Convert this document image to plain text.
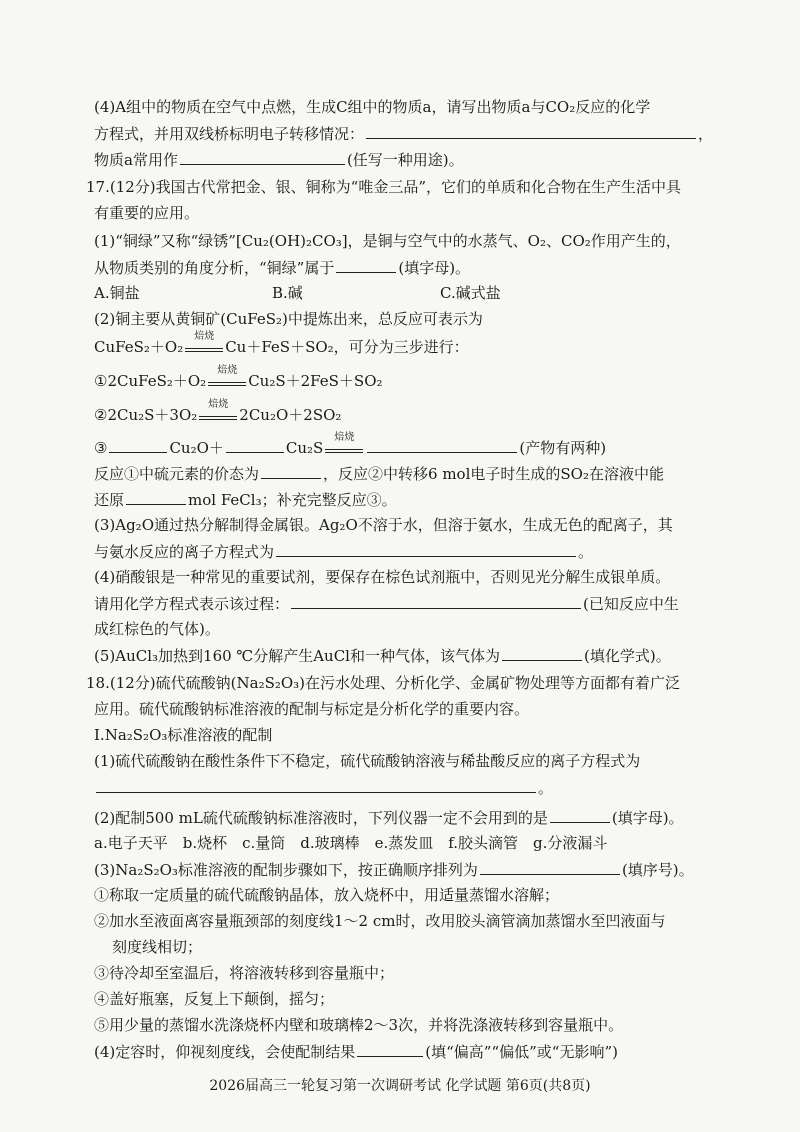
(4)A组中的物质在空气中点燃，生成C组中的物质a，请写出物质a与CO₂反应的化学
方程式，并用双线桥标明电子转移情况：	，
物质a常用作	(任写一种用途)。
17.(12分)我国古代常把金、银、铜称为“唯金三品”，它们的单质和化合物在生产生活中具
有重要的应用。
(1)“铜绿”又称“绿锈”[Cu₂(OH)₂CO₃]，是铜与空气中的水蒸气、O₂、CO₂作用产生的，
从物质类别的角度分析，“铜绿”属于	(填字母)。
A.铜盐	B.碱	C.碱式盐
(2)铜主要从黄铜矿(CuFeS₂)中提炼出来，总反应可表示为
CuFeS₂＋O₂
焙烧
Cu＋FeS＋SO₂，可分为三步进行：
①2CuFeS₂＋O₂
焙烧
Cu₂S＋2FeS＋SO₂
②2Cu₂S＋3O₂
焙烧
2Cu₂O＋2SO₂
③	Cu₂O＋	Cu₂S
焙烧
(产物有两种)
反应①中硫元素的价态为	，反应②中转移6 mol电子时生成的SO₂在溶液中能
还原	mol FeCl₃；补充完整反应③。
(3)Ag₂O通过热分解制得金属银。Ag₂O不溶于水，但溶于氨水，生成无色的配离子，其
与氨水反应的离子方程式为	。
(4)硝酸银是一种常见的重要试剂，要保存在棕色试剂瓶中，否则见光分解生成银单质。
请用化学方程式表示该过程：	(已知反应中生
成红棕色的气体)。
(5)AuCl₃加热到160 ℃分解产生AuCl和一种气体，该气体为	(填化学式)。
18.(12分)硫代硫酸钠(Na₂S₂O₃)在污水处理、分析化学、金属矿物处理等方面都有着广泛
应用。硫代硫酸钠标准溶液的配制与标定是分析化学的重要内容。
Ⅰ.Na₂S₂O₃标准溶液的配制
(1)硫代硫酸钠在酸性条件下不稳定，硫代硫酸钠溶液与稀盐酸反应的离子方程式为
。
(2)配制500 mL硫代硫酸钠标准溶液时，下列仪器一定不会用到的是	(填字母)。
a.电子天平　b.烧杯　c.量筒　d.玻璃棒　e.蒸发皿　f.胶头滴管　g.分液漏斗
(3)Na₂S₂O₃标准溶液的配制步骤如下，按正确顺序排列为	(填序号)。
①称取一定质量的硫代硫酸钠晶体，放入烧杯中，用适量蒸馏水溶解；
②加水至液面离容量瓶颈部的刻度线1～2 cm时，改用胶头滴管滴加蒸馏水至凹液面与
刻度线相切；
③待冷却至室温后，将溶液转移到容量瓶中；
④盖好瓶塞，反复上下颠倒，摇匀；
⑤用少量的蒸馏水洗涤烧杯内壁和玻璃棒2～3次，并将洗涤液转移到容量瓶中。
(4)定容时，仰视刻度线，会使配制结果	(填“偏高”“偏低”或“无影响”)
2026届高三一轮复习第一次调研考试 化学试题 第6页(共8页)
